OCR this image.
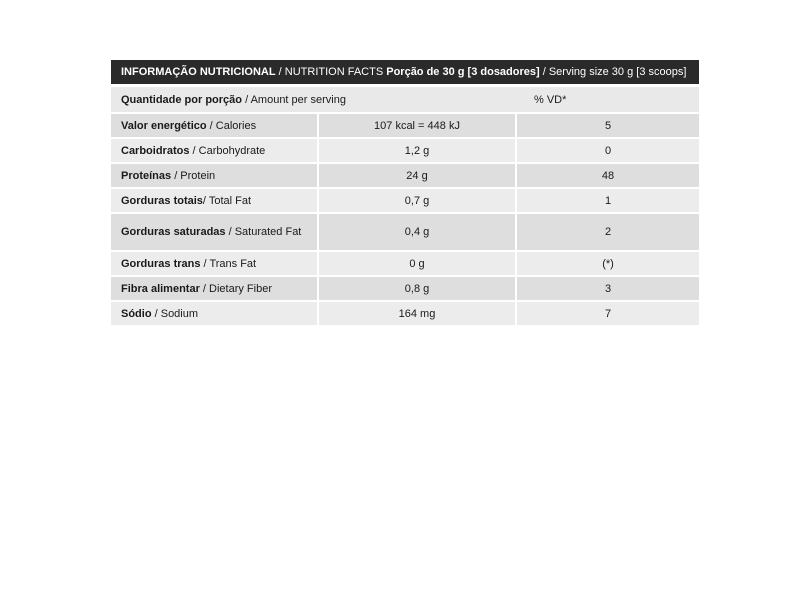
INFORMAÇÃO NUTRICIONAL / NUTRITION FACTS Porção de 30 g [3 dosadores] / Serving size 30 g [3 scoops]
Quantidade por porção / Amount per serving	% VD*
Valor energético / Calories	107 kcal = 448 kJ	5
Carboidratos / Carbohydrate	1,2 g	0
Proteínas / Protein	24 g	48
Gorduras totais/ Total Fat	0,7 g	1
Gorduras saturadas / Saturated Fat	0,4 g	2
Gorduras trans / Trans Fat	0 g	(*)
Fibra alimentar / Dietary Fiber	0,8 g	3
Sódio / Sodium	164 mg	7
